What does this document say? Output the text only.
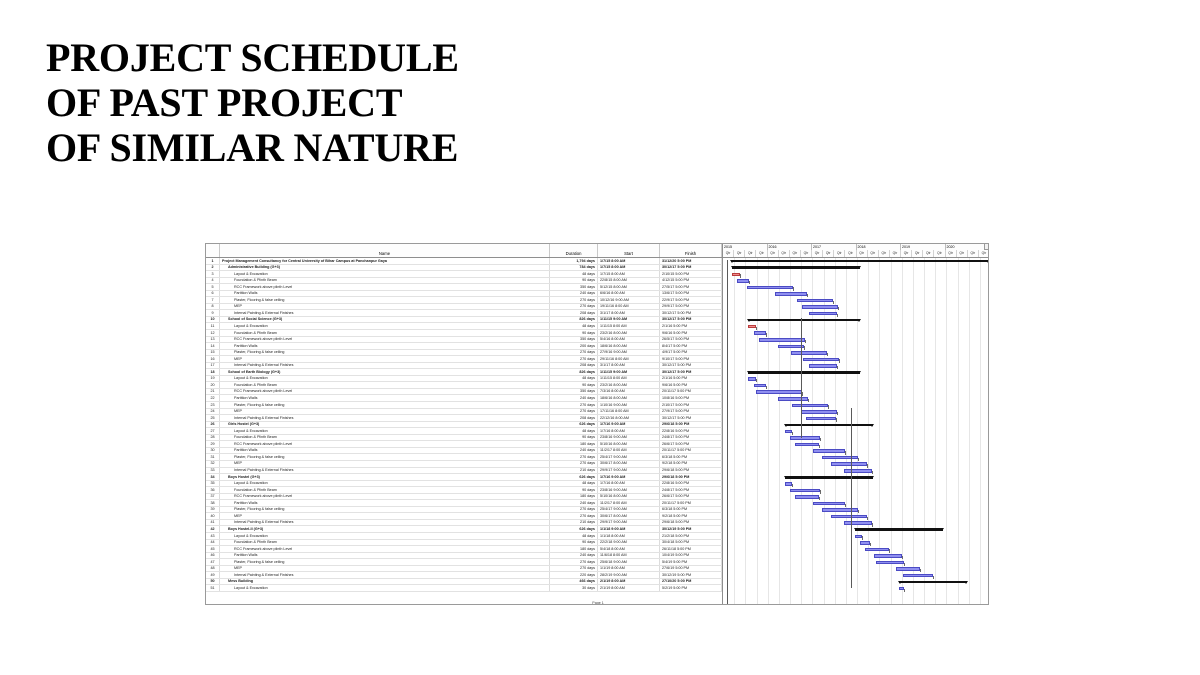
PROJECT SCHEDULE
OF PAST PROJECT
OF SIMILAR NATURE
Name	Duration	Start	Finish
1	Project Management Consultancy for Central University of Bihar Campus at Panchanpur Gaya	1,794 days	1/7/15 8:00 AM	31/12/20 5:00 PM
2	Administrative Building (G+3)	784 days	1/7/15 8:00 AM	30/12/17 5:00 PM
3	Layout & Excavation	48 days	1/7/15 8:00 AM	2/10/15 5:00 PM
4	Foundation & Plinth Beam	90 days	22/8/15 8:00 AM	4/12/15 5:00 PM
5	RCC Framework above plinth Level	350 days	5/12/15 8:00 AM	27/5/17 5:00 PM
6	Partition Walls	240 days	6/6/16 8:00 AM	13/6/17 5:00 PM
7	Plaster, Flooring & false ceiling	270 days	10/12/16 9:00 AM	22/9/17 5:00 PM
8	MEP	270 days	19/11/16 8:00 AM	29/9/17 5:00 PM
9	Internal Painting & External Finishes	208 days	3/1/17 8:00 AM	30/12/17 5:00 PM
10	School of Social Science (G+3)	826 days	1/11/15 9:00 AM	30/12/17 5:00 PM
11	Layout & Excavation	48 days	1/11/15 8:00 AM	2/1/16 5:00 PM
12	Foundation & Plinth Beam	90 days	23/2/16 8:00 AM	9/6/16 5:00 PM
13	RCC Framework above plinth Level	350 days	5/4/16 8:00 AM	26/5/17 5:00 PM
14	Partition Walls	200 days	18/6/16 8:00 AM	8/4/17 5:00 PM
15	Plaster, Flooring & false ceiling	270 days	27/9/16 9:00 AM	4/9/17 5:00 PM
16	MEP	270 days	29/11/16 8:00 AM	9/10/17 5:00 PM
17	Internal Painting & External Finishes	208 days	3/1/17 8:00 AM	30/12/17 5:00 PM
18	School of Earth Biology (G+3)	826 days	1/11/15 9:00 AM	30/12/17 5:00 PM
19	Layout & Excavation	48 days	1/11/15 8:00 AM	2/1/16 5:00 PM
20	Foundation & Plinth Beam	90 days	23/2/16 8:00 AM	9/6/16 5:00 PM
21	RCC Framework above plinth Level	350 days	7/3/16 8:00 AM	20/11/17 5:00 PM
22	Partition Walls	240 days	18/6/16 8:00 AM	10/8/16 5:00 PM
23	Plaster, Flooring & false ceiling	270 days	1/10/16 9:00 AM	2/10/17 5:00 PM
24	MEP	270 days	17/11/16 8:00 AM	27/9/17 5:00 PM
25	Internal Painting & External Finishes	208 days	22/12/16 8:00 AM	30/12/17 5:00 PM
26	Girls Hostel (G+3)	626 days	1/7/16 9:00 AM	29/6/18 5:00 PM
27	Layout & Excavation	48 days	1/7/16 8:00 AM	22/8/16 5:00 PM
28	Foundation & Plinth Beam	90 days	23/8/16 9:00 AM	24/8/17 5:00 PM
29	RCC Framework above plinth Level	180 days	5/10/16 8:00 AM	26/6/17 5:00 PM
30	Partition Walls	240 days	11/2/17 8:00 AM	20/11/17 5:00 PM
31	Plaster, Flooring & false ceiling	270 days	25/4/17 9:00 AM	6/3/18 5:00 PM
32	MEP	270 days	30/6/17 8:00 AM	9/2/18 5:00 PM
33	Internal Painting & External Finishes	210 days	29/9/17 9:00 AM	29/6/18 5:00 PM
34	Boys Hostel (G+3)	626 days	1/7/16 9:00 AM	29/6/18 5:00 PM
35	Layout & Excavation	48 days	1/7/16 8:00 AM	22/8/16 5:00 PM
36	Foundation & Plinth Beam	90 days	23/8/16 9:00 AM	24/8/17 5:00 PM
37	RCC Framework above plinth Level	180 days	5/10/16 8:00 AM	26/6/17 5:00 PM
38	Partition Walls	240 days	11/2/17 8:00 AM	20/11/17 5:00 PM
39	Plaster, Flooring & false ceiling	270 days	25/4/17 9:00 AM	6/3/18 5:00 PM
40	MEP	270 days	30/6/17 8:00 AM	9/2/18 5:00 PM
41	Internal Painting & External Finishes	210 days	29/9/17 9:00 AM	29/6/18 5:00 PM
42	Boys Hostel-II (G+3)	626 days	1/1/18 9:00 AM	30/12/19 5:00 PM
43	Layout & Excavation	48 days	1/1/18 8:00 AM	21/2/18 5:00 PM
44	Foundation & Plinth Beam	90 days	22/2/18 9:00 AM	30/4/18 5:00 PM
45	RCC Framework above plinth Level	180 days	5/4/18 8:00 AM	26/11/18 5:00 PM
46	Partition Walls	240 days	11/6/18 8:00 AM	10/4/19 5:00 PM
47	Plaster, Flooring & false ceiling	270 days	25/6/18 9:00 AM	5/4/19 5:00 PM
48	MEP	270 days	1/1/19 8:00 AM	27/6/19 5:00 PM
49	Internal Painting & External Finishes	220 days	28/2/19 9:00 AM	30/12/19 5:00 PM
50	Mess Building	466 days	2/1/19 8:00 AM	27/10/20 5:00 PM
51	Layout & Excavation	30 days	2/1/19 8:00 AM	5/2/19 5:00 PM
2015	2016	2017	2018	2019	2020
Qtr	Qtr	Qtr	Qtr	Qtr	Qtr	Qtr	Qtr	Qtr	Qtr	Qtr	Qtr	Qtr	Qtr	Qtr	Qtr	Qtr	Qtr	Qtr	Qtr	Qtr	Qtr	Qtr	Qtr
Page 1
